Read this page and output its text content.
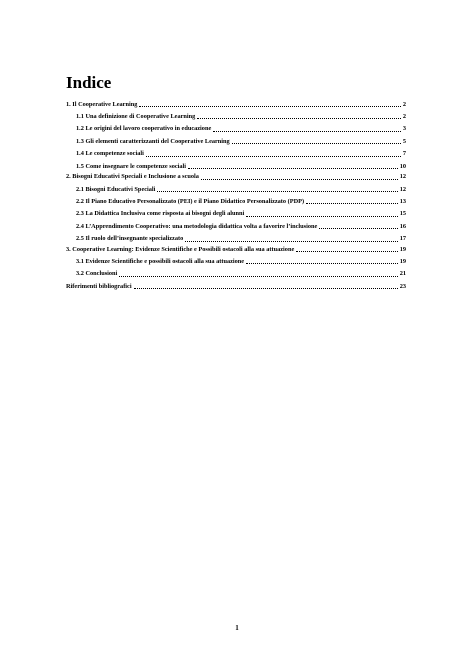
Indice
1. Il Cooperative Learning	2
1.1 Una definizione di Cooperative Learning	2
1.2 Le origini del lavoro cooperativo in educazione	3
1.3 Gli elementi caratterizzanti del Cooperative Learning	5
1.4 Le competenze sociali	7
1.5 Come insegnare le competenze sociali	10
2. Bisogni Educativi Speciali e Inclusione a scuola	12
2.1 Bisogni Educativi Speciali	12
2.2 Il Piano Educativo Personalizzato (PEI) e il Piano Didattico Personalizzato (PDP)	13
2.3 La Didattica Inclusiva come risposta ai bisogni degli alunni	15
2.4 L’Apprendimento Cooperativo: una metodologia didattica volta a favorire l’inclusione	16
2.5 Il ruolo dell’insegnante specializzato	17
3. Cooperative Learning: Evidenze Scientifiche e Possibili ostacoli alla sua attuazione	19
3.1 Evidenze Scientifiche e possibili ostacoli alla sua attuazione	19
3.2 Conclusioni	21
Riferimenti bibliografici	23
1
